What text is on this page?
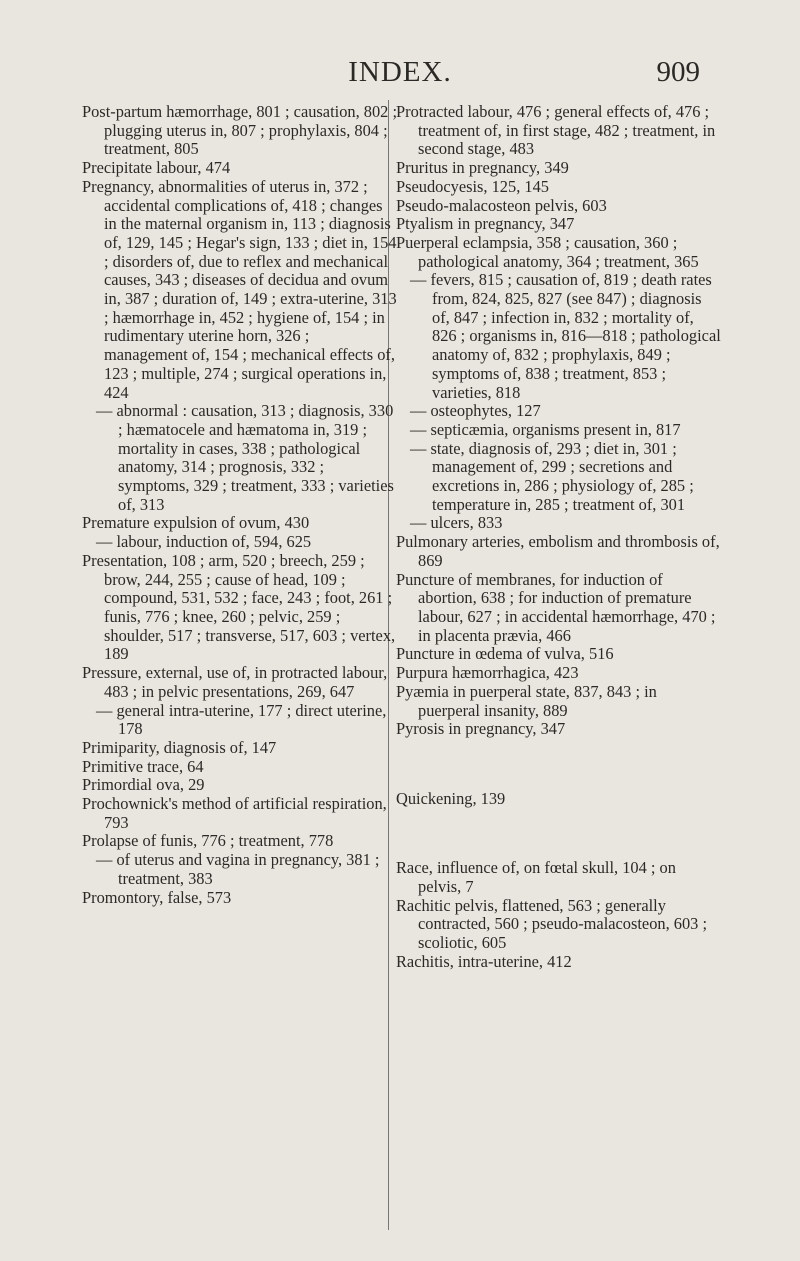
INDEX.	909

Post-partum hæmorrhage, 801 ; causation, 802 ; plugging uterus in, 807 ; prophylaxis, 804 ; treatment, 805

Precipitate labour, 474

Pregnancy, abnormalities of uterus in, 372 ; accidental complications of, 418 ; changes in the maternal organism in, 113 ; diagnosis of, 129, 145 ; Hegar's sign, 133 ; diet in, 154 ; disorders of, due to reflex and mechanical causes, 343 ; diseases of decidua and ovum in, 387 ; duration of, 149 ; extra-uterine, 313 ; hæmorrhage in, 452 ; hygiene of, 154 ; in rudimentary uterine horn, 326 ; management of, 154 ; mechanical effects of, 123 ; multiple, 274 ; surgical operations in, 424

— abnormal : causation, 313 ; diagnosis, 330 ; hæmatocele and hæmatoma in, 319 ; mortality in cases, 338 ; pathological anatomy, 314 ; prognosis, 332 ; symptoms, 329 ; treatment, 333 ; varieties of, 313

Premature expulsion of ovum, 430

— labour, induction of, 594, 625

Presentation, 108 ; arm, 520 ; breech, 259 ; brow, 244, 255 ; cause of head, 109 ; compound, 531, 532 ; face, 243 ; foot, 261 ; funis, 776 ; knee, 260 ; pelvic, 259 ; shoulder, 517 ; transverse, 517, 603 ; vertex, 189

Pressure, external, use of, in protracted labour, 483 ; in pelvic presentations, 269, 647

— general intra-uterine, 177 ; direct uterine, 178

Primiparity, diagnosis of, 147

Primitive trace, 64

Primordial ova, 29

Prochownick's method of artificial respiration, 793

Prolapse of funis, 776 ; treatment, 778

— of uterus and vagina in pregnancy, 381 ; treatment, 383

Promontory, false, 573

Protracted labour, 476 ; general effects of, 476 ; treatment of, in first stage, 482 ; treatment, in second stage, 483

Pruritus in pregnancy, 349

Pseudocyesis, 125, 145

Pseudo-malacosteon pelvis, 603

Ptyalism in pregnancy, 347

Puerperal eclampsia, 358 ; causation, 360 ; pathological anatomy, 364 ; treatment, 365

— fevers, 815 ; causation of, 819 ; death rates from, 824, 825, 827 (see 847) ; diagnosis of, 847 ; infection in, 832 ; mortality of, 826 ; organisms in, 816—818 ; pathological anatomy of, 832 ; prophylaxis, 849 ; symptoms of, 838 ; treatment, 853 ; varieties, 818

— osteophytes, 127

— septicæmia, organisms present in, 817

— state, diagnosis of, 293 ; diet in, 301 ; management of, 299 ; secretions and excretions in, 286 ; physiology of, 285 ; temperature in, 285 ; treatment of, 301

— ulcers, 833

Pulmonary arteries, embolism and thrombosis of, 869

Puncture of membranes, for induction of abortion, 638 ; for induction of premature labour, 627 ; in accidental hæmorrhage, 470 ; in placenta prævia, 466

Puncture in œdema of vulva, 516

Purpura hæmorrhagica, 423

Pyæmia in puerperal state, 837, 843 ; in puerperal insanity, 889

Pyrosis in pregnancy, 347

Quickening, 139

Race, influence of, on fœtal skull, 104 ; on pelvis, 7

Rachitic pelvis, flattened, 563 ; generally contracted, 560 ; pseudo-malacosteon, 603 ; scoliotic, 605

Rachitis, intra-uterine, 412
